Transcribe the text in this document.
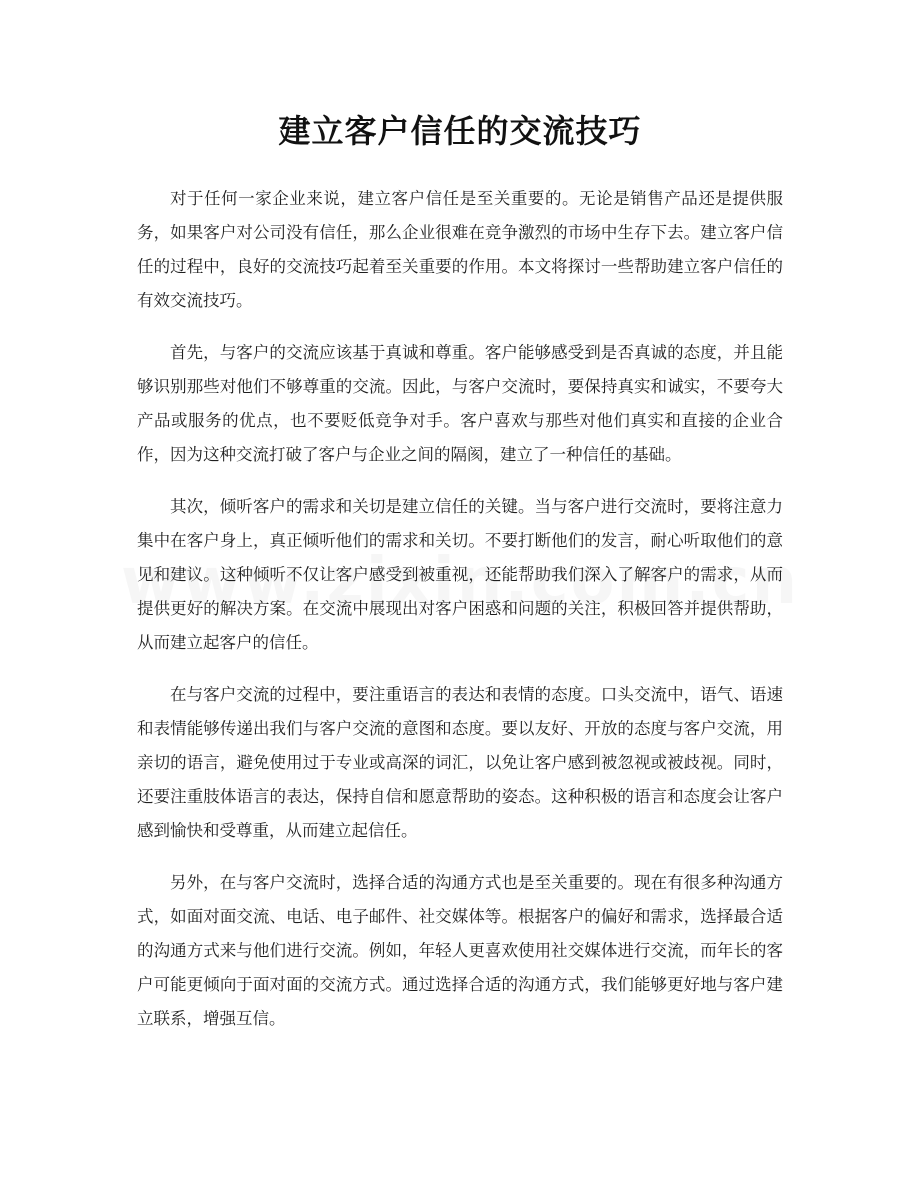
建立客户信任的交流技巧

对于任何一家企业来说，建立客户信任是至关重要的。无论是销售产品还是提供服务，如果客户对公司没有信任，那么企业很难在竞争激烈的市场中生存下去。建立客户信任的过程中，良好的交流技巧起着至关重要的作用。本文将探讨一些帮助建立客户信任的有效交流技巧。

首先，与客户的交流应该基于真诚和尊重。客户能够感受到是否真诚的态度，并且能够识别那些对他们不够尊重的交流。因此，与客户交流时，要保持真实和诚实，不要夸大产品或服务的优点，也不要贬低竞争对手。客户喜欢与那些对他们真实和直接的企业合作，因为这种交流打破了客户与企业之间的隔阂，建立了一种信任的基础。

其次，倾听客户的需求和关切是建立信任的关键。当与客户进行交流时，要将注意力集中在客户身上，真正倾听他们的需求和关切。不要打断他们的发言，耐心听取他们的意见和建议。这种倾听不仅让客户感受到被重视，还能帮助我们深入了解客户的需求，从而提供更好的解决方案。在交流中展现出对客户困惑和问题的关注，积极回答并提供帮助，从而建立起客户的信任。

在与客户交流的过程中，要注重语言的表达和表情的态度。口头交流中，语气、语速和表情能够传递出我们与客户交流的意图和态度。要以友好、开放的态度与客户交流，用亲切的语言，避免使用过于专业或高深的词汇，以免让客户感到被忽视或被歧视。同时，还要注重肢体语言的表达，保持自信和愿意帮助的姿态。这种积极的语言和态度会让客户感到愉快和受尊重，从而建立起信任。

另外，在与客户交流时，选择合适的沟通方式也是至关重要的。现在有很多种沟通方式，如面对面交流、电话、电子邮件、社交媒体等。根据客户的偏好和需求，选择最合适的沟通方式来与他们进行交流。例如，年轻人更喜欢使用社交媒体进行交流，而年长的客户可能更倾向于面对面的交流方式。通过选择合适的沟通方式，我们能够更好地与客户建立联系，增强互信。
